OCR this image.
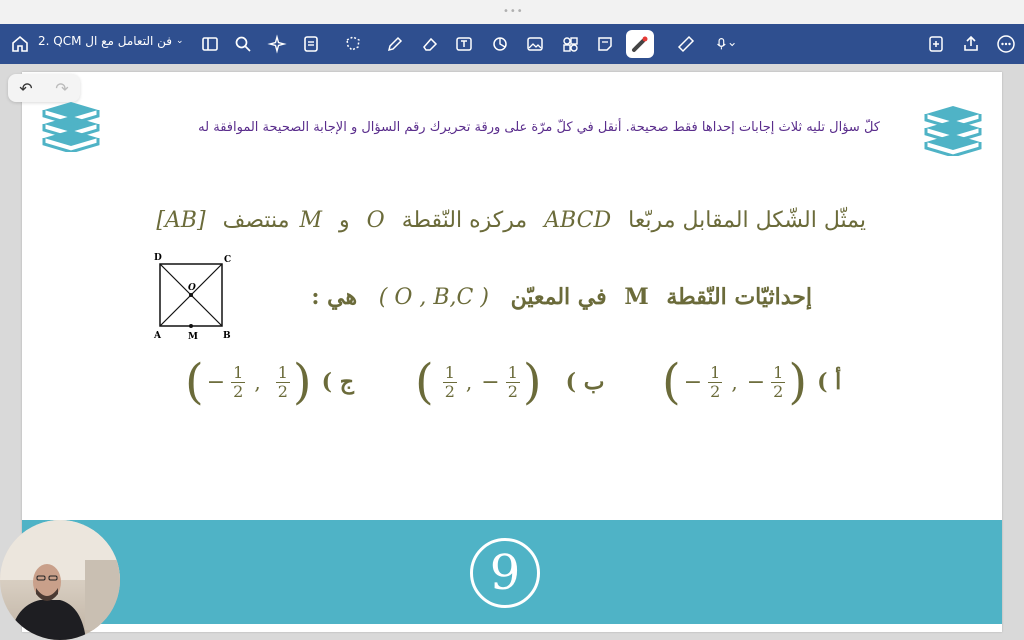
•••
2. QCM فن التعامل مع ال ⌄
↶ ↷
كلّ سؤال تليه ثلاث إجابات إحداها فقط صحيحة. أنقل في كلّ مرّة على ورقة تحريرك رقم السؤال و الإجابة الصحيحة الموافقة له
يمثّل الشّكل المقابل مربّعا ABCD مركزه النّقطة O و Mمنتصف [AB]
إحداثيّات النّقطة M في المعيّن ( O , B,C ) هي :
D	C
A	B
O
M
( − $\frac{1}{2}$ , − $\frac{1}{2}$ ) أ )
( $\frac{1}{2}$ , − $\frac{1}{2}$ ) ب )
( − $\frac{1}{2}$ , $\frac{1}{2}$ ) ج )
9
